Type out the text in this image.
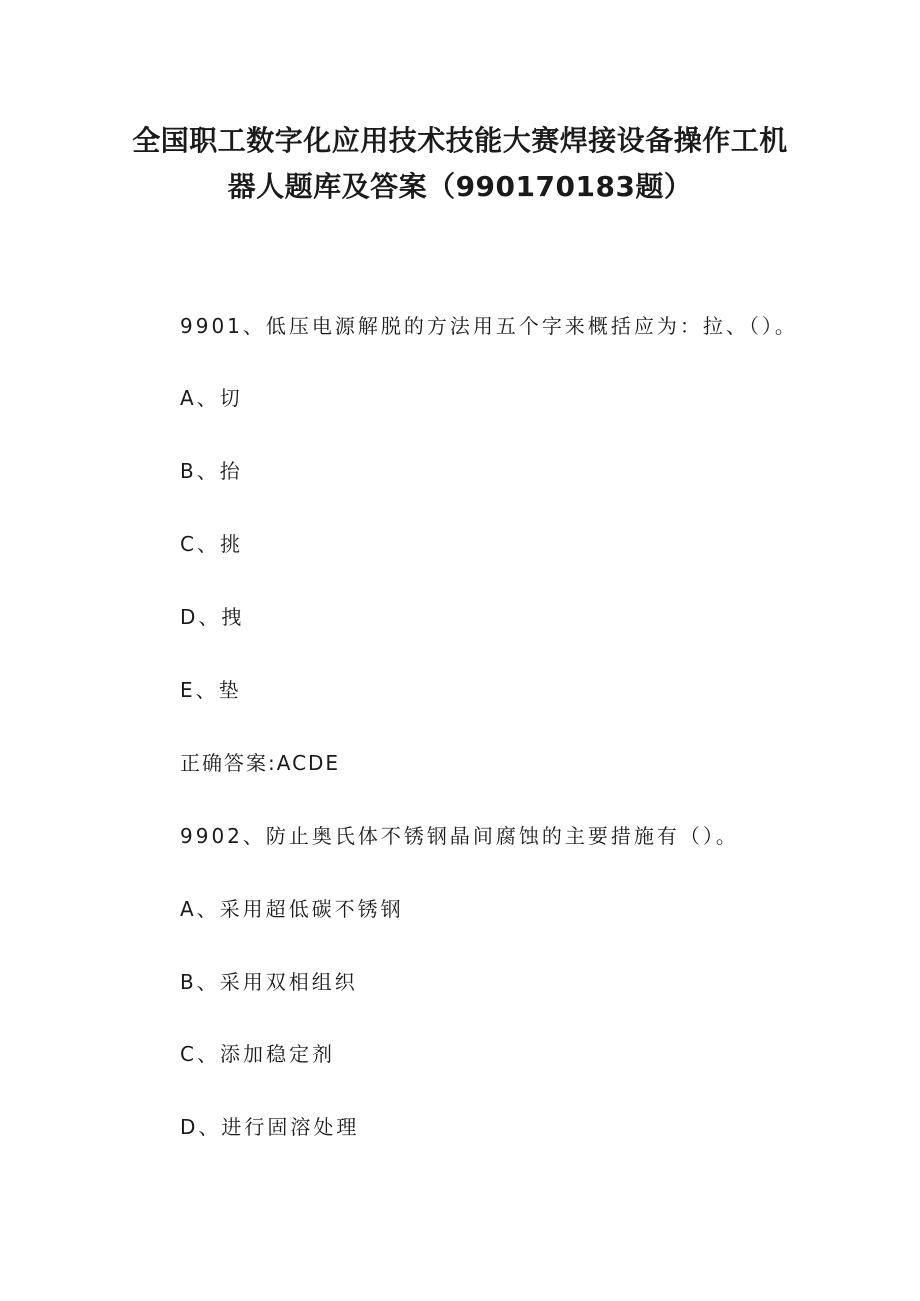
全国职工数字化应用技术技能大赛焊接设备操作工机
器人题库及答案（990170183题）
9901、低压电源解脱的方法用五个字来概括应为：拉、（）。
A、切
B、抬
C、挑
D、拽
E、垫
正确答案:ACDE
9902、防止奥氏体不锈钢晶间腐蚀的主要措施有（）。
A、采用超低碳不锈钢
B、采用双相组织
C、添加稳定剂
D、进行固溶处理
